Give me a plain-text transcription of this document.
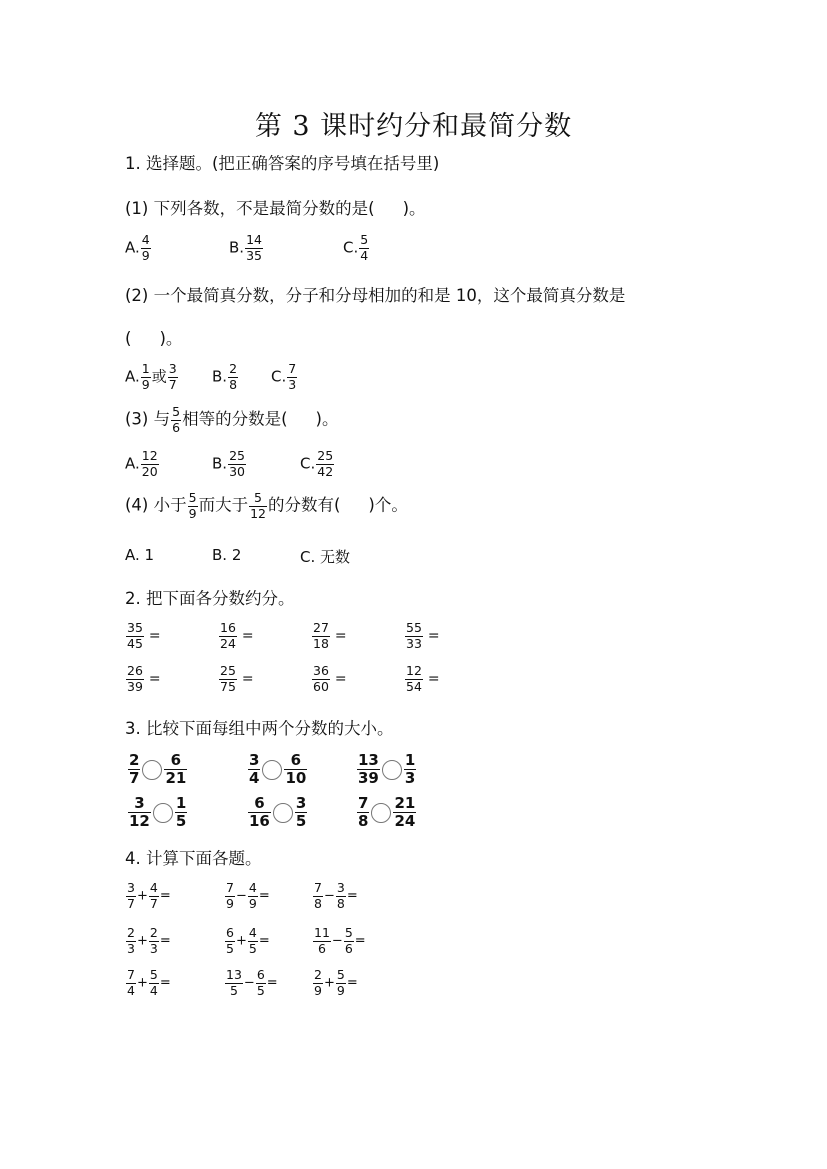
第 3 课时约分和最简分数
1. 选择题。(把正确答案的序号填在括号里)
(1) 下列各数，不是最简分数的是( )。
A. $\frac{4}{9}$	B. $\frac{14}{35}$	C. $\frac{5}{4}$
(2) 一个最简真分数，分子和分母相加的和是 10，这个最简真分数是
( )。
A. $\frac{1}{9}$ 或 $\frac{3}{7} B$. $\frac{2}{8} C$. $\frac{7}{3}$
(3) 与 $\frac{5}{6}$ 相等的分数是( )。
A. $\frac{12}{20}$	B. $\frac{25}{30}$	C. $\frac{25}{42}$
(4) 小于 $\frac{5}{9}$ 而大于 $\frac{5}{12}$ 的分数有( )个。
A. 1	B. 2	C. 无数
2. 把下面各分数约分。
3. 比较下面每组中两个分数的大小。
4. 计算下面各题。
$\frac{35}{45}$ =	$\frac{16}{24}$ =	$\frac{27}{18}$ =	$\frac{55}{33}$ =
$\frac{26}{39}$ =	$\frac{25}{75}$ =	$\frac{36}{60}$ =	$\frac{12}{54}$ =
$\frac{2}{7} \frac{6}{21}$	$\frac{3}{4} \frac{6}{10}$	$\frac{13}{39} \frac{1}{3}$
$\frac{3}{12} \frac{1}{5}$	$\frac{6}{16} \frac{3}{5}$	$\frac{7}{8} \frac{21}{24}$
$\frac{3}{7} + \frac{4}{7}$ =	$\frac{7}{9} - \frac{4}{9}$ =	$\frac{7}{8} - \frac{3}{8}$ =
$\frac{2}{3} + \frac{2}{3}$ =	$\frac{6}{5} + \frac{4}{5}$ =	$\frac{11}{6} - \frac{5}{6}$ =
$\frac{7}{4} + \frac{5}{4}$ =	$\frac{13}{5} - \frac{6}{5}$ =	$\frac{2}{9} + \frac{5}{9}$ =
